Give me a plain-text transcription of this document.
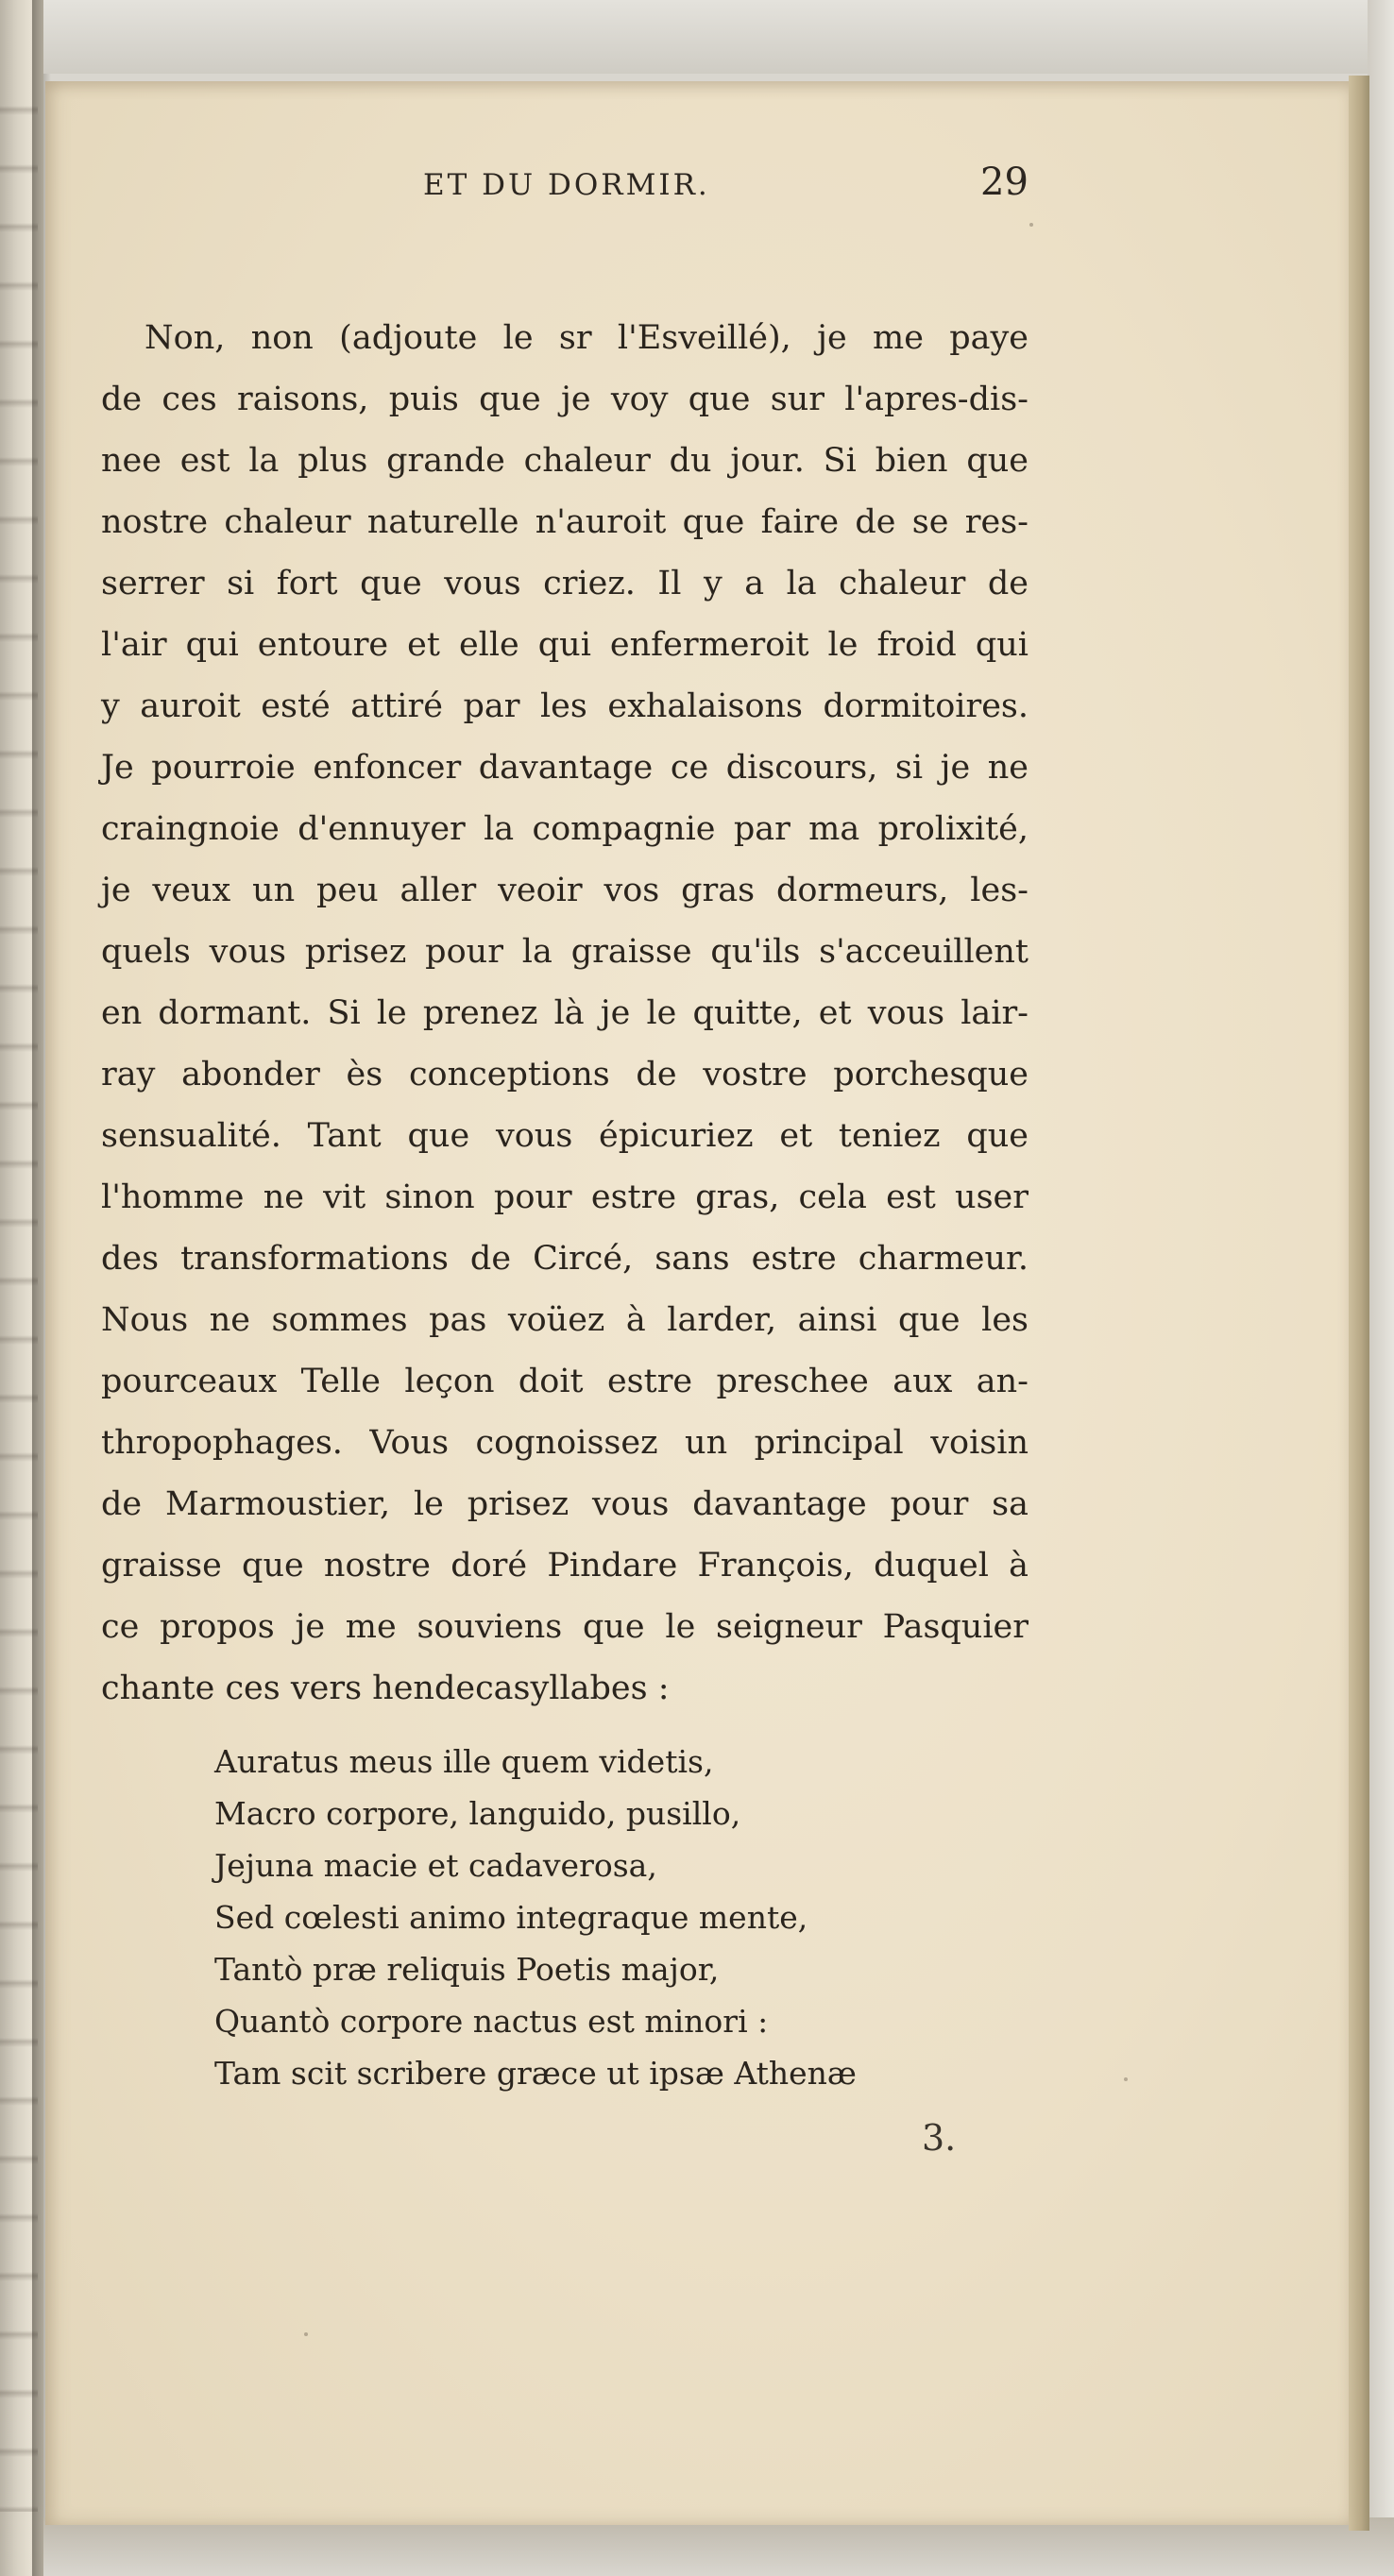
ET DU DORMIR.	29
Non, non (adjoute le sr l'Esveillé), je me paye
de ces raisons, puis que je voy que sur l'apres-dis-
nee est la plus grande chaleur du jour. Si bien que
nostre chaleur naturelle n'auroit que faire de se res-
serrer si fort que vous criez. Il y a la chaleur de
l'air qui entoure et elle qui enfermeroit le froid qui
y auroit esté attiré par les exhalaisons dormitoires.
Je pourroie enfoncer davantage ce discours, si je ne
craingnoie d'ennuyer la compagnie par ma prolixité,
je veux un peu aller veoir vos gras dormeurs, les-
quels vous prisez pour la graisse qu'ils s'acceuillent
en dormant. Si le prenez là je le quitte, et vous lair-
ray abonder ès conceptions de vostre porchesque
sensualité. Tant que vous épicuriez et teniez que
l'homme ne vit sinon pour estre gras, cela est user
des transformations de Circé, sans estre charmeur.
Nous ne sommes pas voüez à larder, ainsi que les
pourceaux Telle leçon doit estre preschee aux an-
thropophages. Vous cognoissez un principal voisin
de Marmoustier, le prisez vous davantage pour sa
graisse que nostre doré Pindare François, duquel à
ce propos je me souviens que le seigneur Pasquier
chante ces vers hendecasyllabes :
Auratus meus ille quem videtis,
Macro corpore, languido, pusillo,
Jejuna macie et cadaverosa,
Sed cœlesti animo integraque mente,
Tantò præ reliquis Poetis major,
Quantò corpore nactus est minori :
Tam scit scribere græce ut ipsæ Athenæ
3.
